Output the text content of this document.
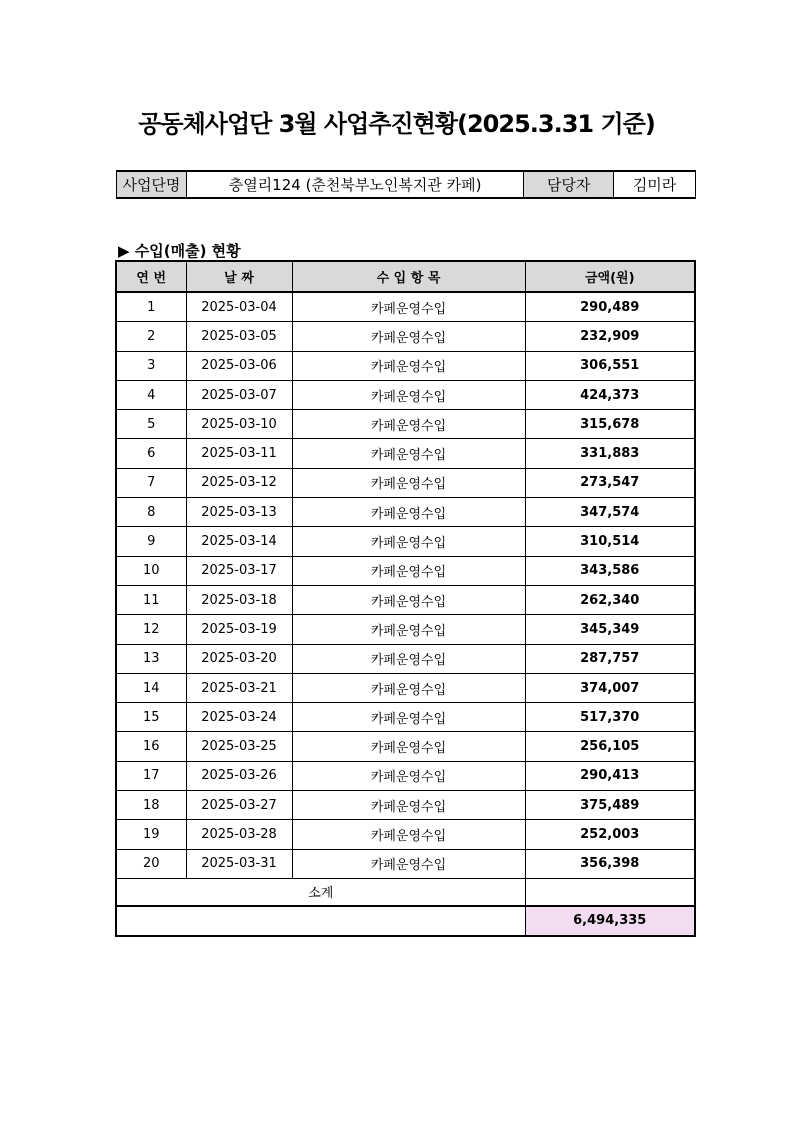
공동체사업단 3월 사업추진현황(2025.3.31 기준)
사업단명	충열리124 (춘천북부노인복지관 카페)	담당자	김미라
▶ 수입(매출) 현황
연 번	날 짜	수 입 항 목	금액(원)
1	2025-03-04	카페운영수입	290,489
2	2025-03-05	카페운영수입	232,909
3	2025-03-06	카페운영수입	306,551
4	2025-03-07	카페운영수입	424,373
5	2025-03-10	카페운영수입	315,678
6	2025-03-11	카페운영수입	331,883
7	2025-03-12	카페운영수입	273,547
8	2025-03-13	카페운영수입	347,574
9	2025-03-14	카페운영수입	310,514
10	2025-03-17	카페운영수입	343,586
11	2025-03-18	카페운영수입	262,340
12	2025-03-19	카페운영수입	345,349
13	2025-03-20	카페운영수입	287,757
14	2025-03-21	카페운영수입	374,007
15	2025-03-24	카페운영수입	517,370
16	2025-03-25	카페운영수입	256,105
17	2025-03-26	카페운영수입	290,413
18	2025-03-27	카페운영수입	375,489
19	2025-03-28	카페운영수입	252,003
20	2025-03-31	카페운영수입	356,398
소계			
			6,494,335
